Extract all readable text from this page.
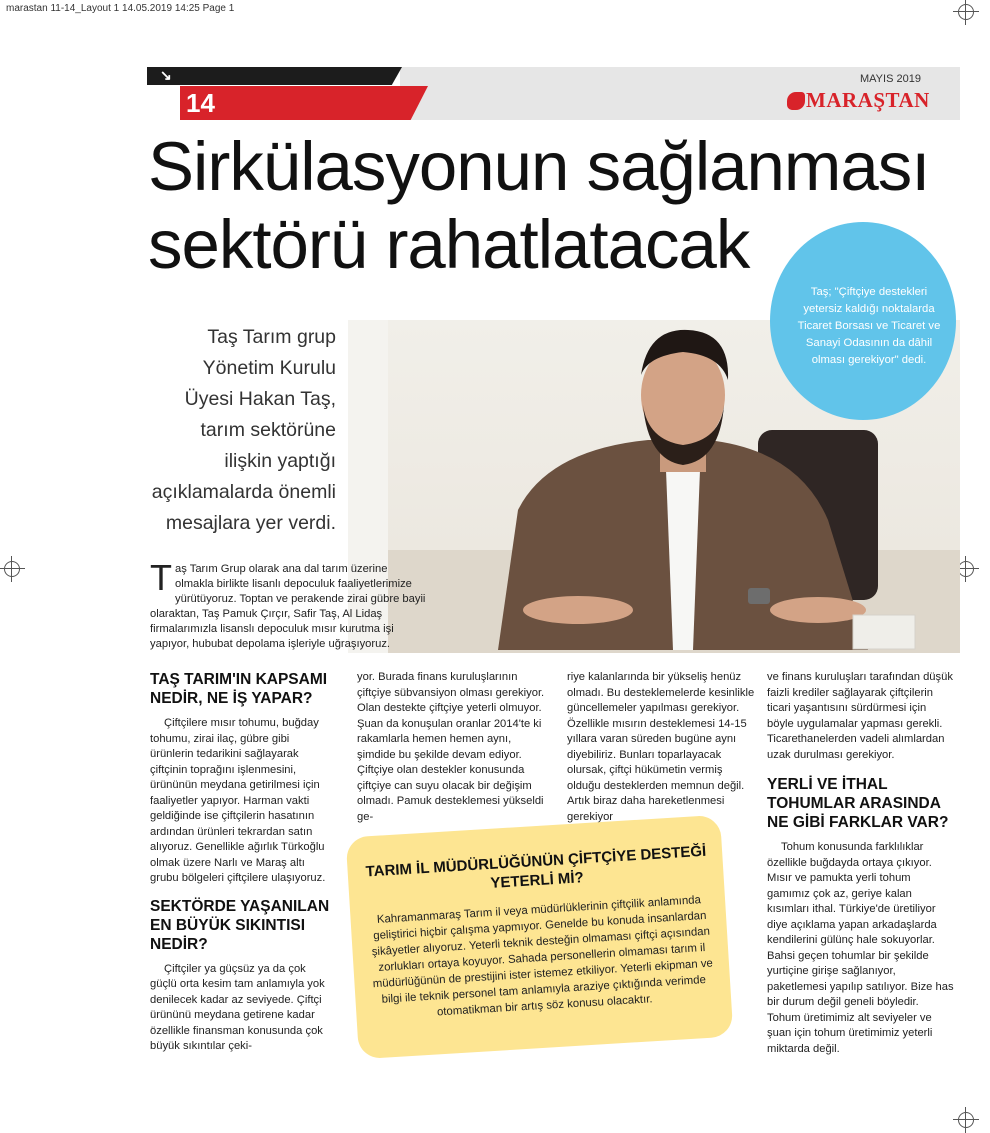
marastan 11-14_Layout 1 14.05.2019 14:25 Page 1
↘
14
MAYIS 2019
MARAŞTAN
Sirkülasyonun sağlanması
sektörü rahatlatacak
Taş Tarım grup Yönetim Kurulu Üyesi Hakan Taş, tarım sektörüne ilişkin yaptığı açıklamalarda önemli mesajlara yer verdi.
Taş; "Çiftçiye destekleri yetersiz kaldığı noktalarda Ticaret Borsası ve Ticaret ve Sanayi Odasının da dâhil olması gerekiyor" dedi.
Taş Tarım Grup olarak ana dal tarım üzerine olmakla birlikte lisanlı depoculuk faaliyetlerimize yürütüyoruz. Toptan ve perakende zirai gübre bayii olaraktan, Taş Pamuk Çırçır, Safir Taş, Al Lidaş firmalarımızla lisanslı depoculuk mısır kurutma işi yapıyor, hububat depolama işleriyle uğraşıyoruz.
TAŞ TARIM'IN KAPSAMI NEDİR, NE İŞ YAPAR?

Çiftçilere mısır tohumu, buğday tohumu, zirai ilaç, gübre gibi ürünlerin tedarikini sağlayarak çiftçinin toprağını işlenmesini, ürününün meydana getirilmesi için faaliyetler yapıyor. Harman vakti geldiğinde ise çiftçilerin hasatının ardından ürünleri tekrardan satın alıyoruz. Genellikle ağırlık Türkoğlu olmak üzere Narlı ve Maraş altı grubu bölgeleri çiftçilere ulaşıyoruz.

SEKTÖRDE YAŞANILAN EN BÜYÜK SIKINTISI NEDİR?

Çiftçiler ya güçsüz ya da çok güçlü orta kesim tam anlamıyla yok denilecek kadar az seviyede. Çiftçi ürününü meydana getirene kadar özellikle finansman konusunda çok büyük sıkıntılar çeki-

yor. Burada finans kuruluşlarının çiftçiye sübvansiyon olması gerekiyor. Olan destekte çiftçiye yeterli olmuyor. Şuan da konuşulan oranlar 2014'te ki rakamlarla hemen hemen aynı, şimdide bu şekilde devam ediyor. Çiftçiye olan destekler konusunda çiftçiye can suyu olacak bir değişim olmadı. Pamuk desteklemesi yükseldi ge-

riye kalanlarında bir yükseliş henüz olmadı. Bu desteklemelerde kesinlikle güncellemeler yapılması gerekiyor. Özellikle mısırın desteklemesi 14-15 yıllara varan süreden bugüne aynı diyebiliriz. Bunları toparlayacak olursak, çiftçi hükümetin vermiş olduğu desteklerden memnun değil. Artık biraz daha hareketlenmesi gerekiyor

ve finans kuruluşları tarafından düşük faizli krediler sağlayarak çiftçilerin ticari yaşantısını sürdürmesi için böyle uygulamalar yapması gerekli. Ticarethanelerden vadeli alımlardan uzak durulması gerekiyor.

YERLİ VE İTHAL TOHUMLAR ARASINDA NE GİBİ FARKLAR VAR?

Tohum konusunda farklılıklar özellikle buğdayda ortaya çıkıyor. Mısır ve pamukta yerli tohum gamımız çok az, geriye kalan kısımları ithal. Türkiye'de üretiliyor diye açıklama yapan arkadaşlarda kendilerini gülünç hale sokuyorlar. Bahsi geçen tohumlar bir şekilde yurtiçine girişe sağlanıyor, paketlemesi yapılıp satılıyor. Bize has bir durum değil geneli böyledir. Tohum üretimimiz alt seviyeler ve şuan için tohum üretimimiz yeterli miktarda değil.

TARIM İL MÜDÜRLÜĞÜNÜN ÇİFTÇİYE DESTEĞİ YETERLİ Mİ?
Kahramanmaraş Tarım il veya müdürlüklerinin çiftçilik anlamında geliştirici hiçbir çalışma yapmıyor. Genelde bu konuda insanlardan şikâyetler alıyoruz. Yeterli teknik desteğin olmaması çiftçi açısından zorlukları ortaya koyuyor. Sahada personellerin olmaması tarım il müdürlüğünün de prestijini ister istemez etkiliyor. Yeterli ekipman ve bilgi ile teknik personel tam anlamıyla araziye çıktığında verimde otomatikman bir artış söz konusu olacaktır.
